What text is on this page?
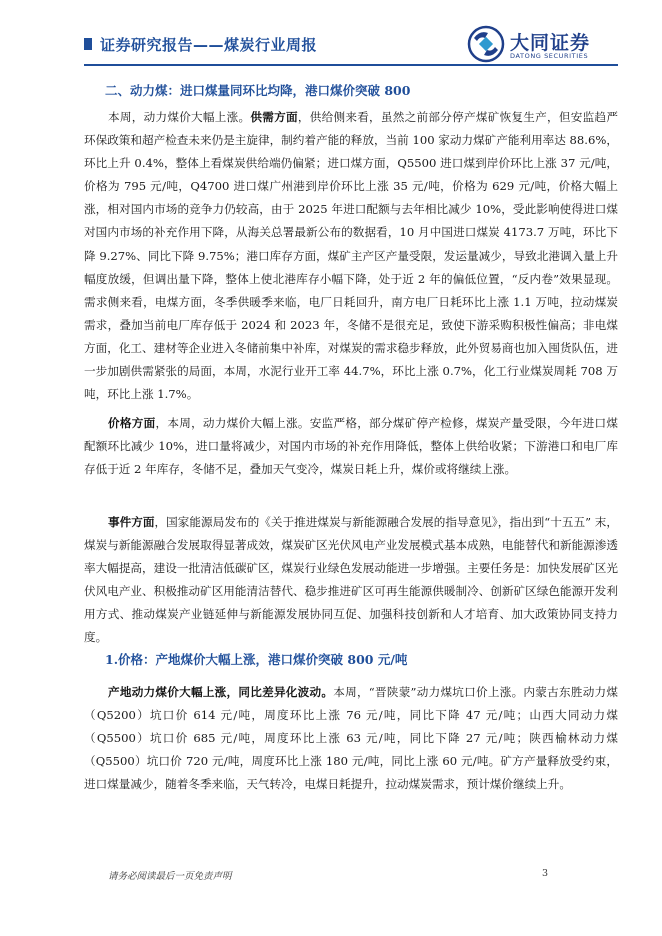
证券研究报告——煤炭行业周报	大同证券
DATONG SECURITIES
二、动力煤：进口煤量同环比均降，港口煤价突破 800
本周，动力煤价大幅上涨。供需方面，供给侧来看，虽然之前部分停产煤矿恢复生产，但安监趋严环保政策和超产检查未来仍是主旋律，制约着产能的释放，当前 100 家动力煤矿产能利用率达 88.6%，环比上升 0.4%，整体上看煤炭供给端仍偏紧；进口煤方面，Q5500 进口煤到岸价环比上涨 37 元/吨，价格为 795 元/吨，Q4700 进口煤广州港到岸价环比上涨 35 元/吨，价格为 629 元/吨，价格大幅上涨，相对国内市场的竞争力仍较高，由于 2025 年进口配额与去年相比减少 10%，受此影响使得进口煤对国内市场的补充作用下降，从海关总署最新公布的数据看，10 月中国进口煤炭 4173.7 万吨，环比下降 9.27%、同比下降 9.75%；港口库存方面，煤矿主产区产量受限，发运量减少，导致北港调入量上升幅度放缓，但调出量下降，整体上使北港库存小幅下降，处于近 2 年的偏低位置，“反内卷”效果显现。需求侧来看，电煤方面，冬季供暖季来临，电厂日耗回升，南方电厂日耗环比上涨 1.1 万吨，拉动煤炭需求，叠加当前电厂库存低于 2024 和 2023 年，冬储不是很充足，致使下游采购积极性偏高；非电煤方面，化工、建材等企业进入冬储前集中补库，对煤炭的需求稳步释放，此外贸易商也加入囤货队伍，进一步加剧供需紧张的局面，本周，水泥行业开工率 44.7%，环比上涨 0.7%，化工行业煤炭周耗 708 万吨，环比上涨 1.7%。
价格方面，本周，动力煤价大幅上涨。安监严格，部分煤矿停产检修，煤炭产量受限，今年进口煤配额环比减少 10%，进口量将减少，对国内市场的补充作用降低，整体上供给收紧；下游港口和电厂库存低于近 2 年库存，冬储不足，叠加天气变冷，煤炭日耗上升，煤价或将继续上涨。
事件方面，国家能源局发布的《关于推进煤炭与新能源融合发展的指导意见》，指出到“十五五” 末，煤炭与新能源融合发展取得显著成效，煤炭矿区光伏风电产业发展模式基本成熟，电能替代和新能源渗透率大幅提高，建设一批清洁低碳矿区，煤炭行业绿色发展动能进一步增强。主要任务是：加快发展矿区光伏风电产业、积极推动矿区用能清洁替代、稳步推进矿区可再生能源供暖制冷、创新矿区绿色能源开发利用方式、推动煤炭产业链延伸与新能源发展协同互促、加强科技创新和人才培育、加大政策协同支持力度。
1.价格：产地煤价大幅上涨，港口煤价突破 800 元/吨
产地动力煤价大幅上涨，同比差异化波动。本周，“晋陕蒙”动力煤坑口价上涨。内蒙古东胜动力煤（Q5200）坑口价 614 元/吨，周度环比上涨 76 元/吨，同比下降 47 元/吨；山西大同动力煤（Q5500）坑口价 685 元/吨，周度环比上涨 63 元/吨，同比下降 27 元/吨；陕西榆林动力煤（Q5500）坑口价 720 元/吨，周度环比上涨 180 元/吨，同比上涨 60 元/吨。矿方产量释放受约束，进口煤量减少，随着冬季来临，天气转冷，电煤日耗提升，拉动煤炭需求，预计煤价继续上升。
请务必阅读最后一页免责声明	3
